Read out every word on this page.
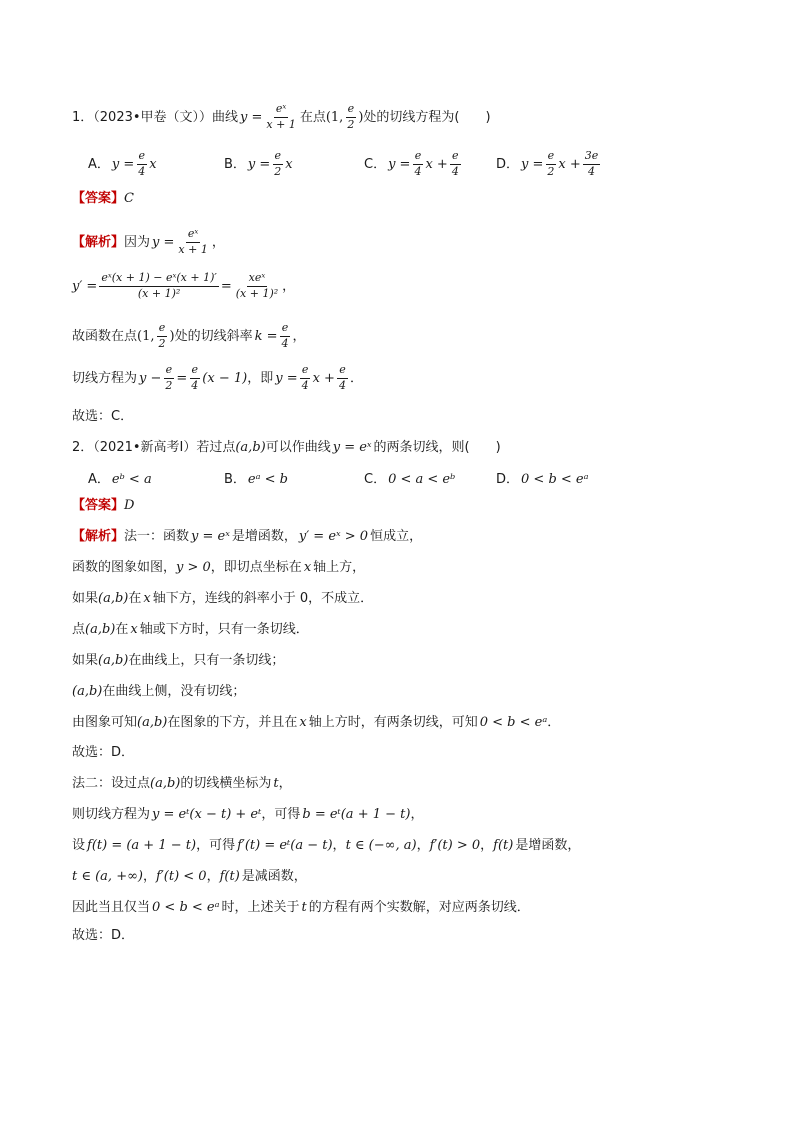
1．（2023•甲卷（文））曲线 $y = \frac{\text{eˣ}}{x + 1}$ 在点 (1, $\frac{e}{2}$ ) 处的切线方程为(　　)
A． $y = \frac{e}{4}$ x	B． $y = \frac{e}{2}$ x	C． $y = \frac{e}{4}$ $x + \frac{e}{4}$	D． $y = \frac{e}{2}$ $x + \frac{3e}{4}$
【答案】 C
【解析】 因为 $y = \frac{\text{eˣ}}{x + 1}$ ，
$y' = \frac{\text{eˣ(x + 1) − eˣ(x + 1)′}}{\text{(x + 1)²}}$ =
xeˣ
(x + 1)² ，
故函数在点 (1, $\frac{e}{2}$ ) 处的切线斜率 $k = \frac{e}{4}$ ，
切线方程为 $y - \frac{e}{2} = \frac{e}{4} (x - 1)$ ，即 $y = \frac{e}{4}$ $x + \frac{e}{4}$ ．
故选：C．
2．（2021•新高考Ⅰ）若过点 (a,b) 可以作曲线 y = eˣ 的两条切线，则(　　)
A． eᵇ < a	B． eᵃ < b	C． 0 < a < eᵇ	D． 0 < b < eᵃ
【答案】 D
【解析】 法一：函数 y = eˣ 是增函数， y′ = eˣ > 0 恒成立，
函数的图象如图， y > 0 ，即切点坐标在 x 轴上方，
如果 (a,b) 在 x 轴下方，连线的斜率小于 0，不成立．
点 (a,b) 在 x 轴或下方时，只有一条切线．
如果 (a,b) 在曲线上，只有一条切线；
(a,b) 在曲线上侧，没有切线；
由图象可知 (a,b) 在图象的下方，并且在 x 轴上方时，有两条切线，可知 0 < b < eᵃ ．
故选：D．
法二：设过点 (a,b) 的切线横坐标为 t ，
则切线方程为 y = eᵗ(x − t) + eᵗ ，可得 b = eᵗ(a + 1 − t) ，
设 f(t) = (a + 1 − t) ，可得 f′(t) = eᵗ(a − t) ， t ∈ (−∞, a) ， f′(t) > 0 ， f(t) 是增函数，
t ∈ (a, +∞) ， f′(t) < 0 ， f(t) 是减函数，
因此当且仅当 0 < b < eᵃ 时，上述关于 t 的方程有两个实数解，对应两条切线．
故选：D．
